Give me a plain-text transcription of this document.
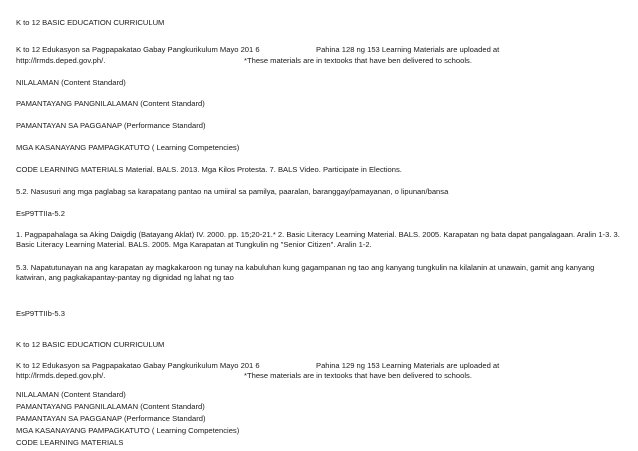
K to 12 BASIC EDUCATION CURRICULUM
K to 12 Edukasyon sa Pagpapakatao Gabay Pangkurikulum Mayo 201 6	Pahina 128 ng 153 Learning Materials are uploaded at
http://lrmds.deped.gov.ph/.	*These materials are in textooks that have ben delivered to schools.
NILALAMAN (Content Standard)
PAMANTAYANG PANGNILALAMAN (Content Standard)
PAMANTAYAN SA PAGGANAP (Performance Standard)
MGA KASANAYANG PAMPAGKATUTO ( Learning Competencies)
CODE LEARNING MATERIALS Material. BALS. 2013. Mga Kilos Protesta. 7. BALS Video. Participate in Elections.
5.2. Nasusuri ang mga paglabag sa karapatang pantao na umiiral sa pamilya, paaralan, baranggay/pamayanan, o lipunan/bansa
EsP9TTIIa-5.2
1. Pagpapahalaga sa Aking Daigdig (Batayang Aklat) IV. 2000. pp. 15;20-21.* 2. Basic Literacy Learning Material. BALS. 2005. Karapatan ng bata dapat pangalagaan. Aralin 1-3. 3. Basic Literacy Learning Material. BALS. 2005. Mga Karapatan at Tungkulin ng "Senior Citizen". Aralin 1-2.
5.3. Napatutunayan na ang karapatan ay magkakaroon ng tunay na kabuluhan kung gagampanan ng tao ang kanyang tungkulin na kilalanin at unawain, gamit ang kanyang katwiran, ang pagkakapantay-pantay ng dignidad ng lahat ng tao
EsP9TTIIb-5.3
K to 12 BASIC EDUCATION CURRICULUM
K to 12 Edukasyon sa Pagpapakatao Gabay Pangkurikulum Mayo 201 6	Pahina 129 ng 153 Learning Materials are uploaded at
http://lrmds.deped.gov.ph/.	*These materials are in textooks that have ben delivered to schools.
NILALAMAN (Content Standard)
PAMANTAYANG PANGNILALAMAN (Content Standard)
PAMANTAYAN SA PAGGANAP (Performance Standard)
MGA KASANAYANG PAMPAGKATUTO ( Learning Competencies)
CODE LEARNING MATERIALS
